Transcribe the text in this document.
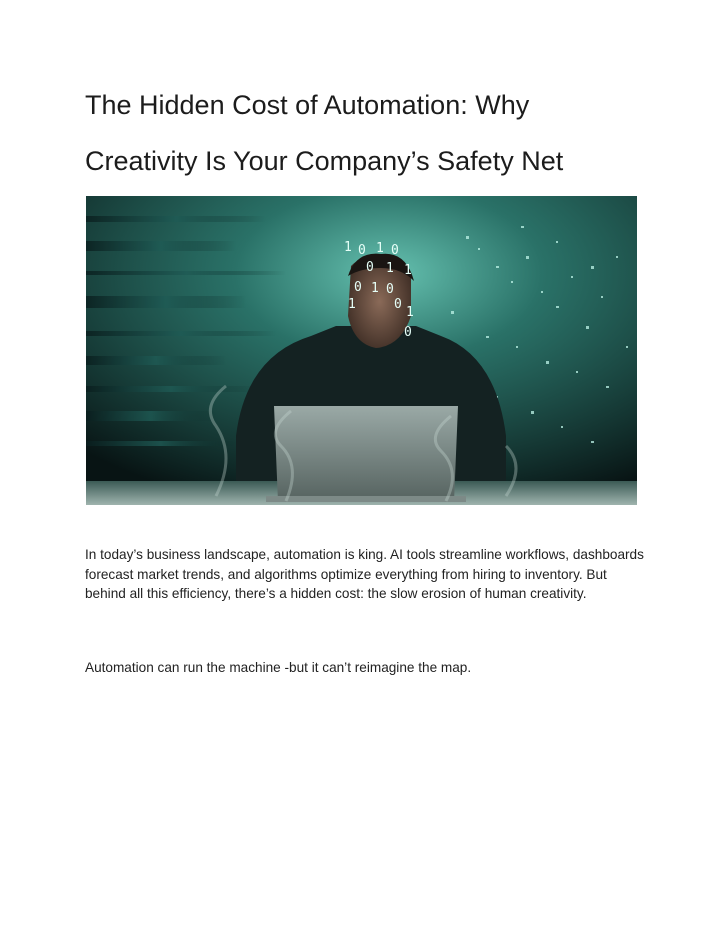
The Hidden Cost of Automation: Why
Creativity Is Your Company’s Safety Net
1 0 1 0
0 1 1
0 1 0
0
1
1
0

In today’s business landscape, automation is king. AI tools streamline workflows, dashboards forecast market trends, and algorithms optimize everything from hiring to inventory. But behind all this efficiency, there’s a hidden cost: the slow erosion of human creativity.

Automation can run the machine -but it can’t reimagine the map.
